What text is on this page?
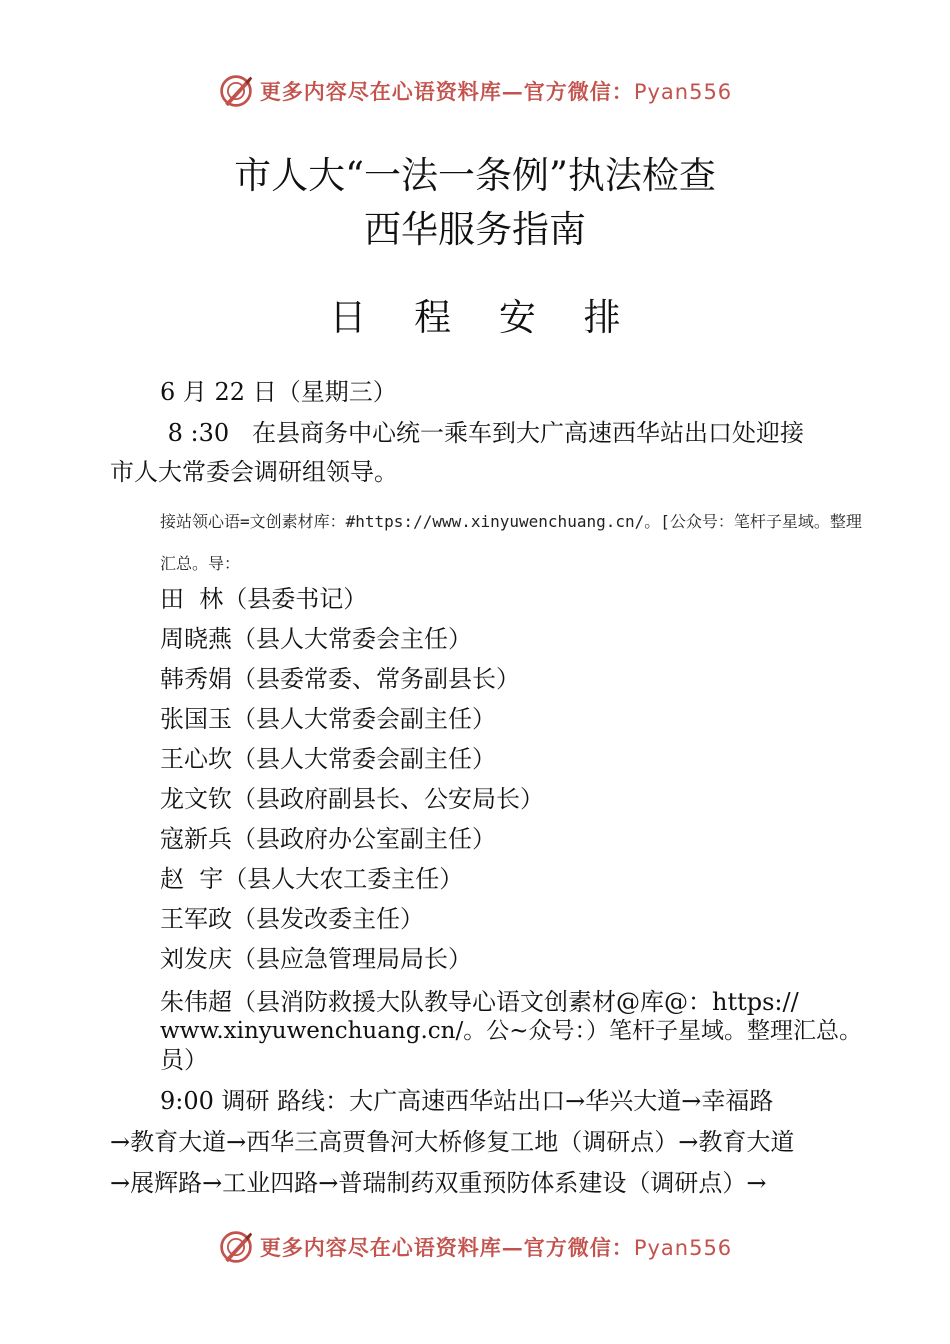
更多内容尽在心语资料库—官方微信：Pyan556
市人大“一法一条例”执法检查
西华服务指南
日 程 安 排
6 月 22 日（星期三）
8 :30   在县商务中心统一乘车到大广高速西华站出口处迎接
市人大常委会调研组领导。
接站领心语=文创素材库：#https://www.xinyuwenchuang.cn/。[公众号：笔杆子星域。整理
汇总。导：
田  林（县委书记）
周晓燕（县人大常委会主任）
韩秀娟（县委常委、常务副县长）
张国玉（县人大常委会副主任）
王心坎（县人大常委会副主任）
龙文钦（县政府副县长、公安局长）
寇新兵（县政府办公室副主任）
赵  宇（县人大农工委主任）
王军政（县发改委主任）
刘发庆（县应急管理局局长）
朱伟超（县消防救援大队教导心语文创素材@库@：https://
www.xinyuwenchuang.cn/。公~众号：）笔杆子星域。整理汇总。
员）
9:00 调研 路线：大广高速西华站出口→华兴大道→幸福路
→教育大道→西华三高贾鲁河大桥修复工地（调研点）→教育大道
→展辉路→工业四路→普瑞制药双重预防体系建设（调研点）→
更多内容尽在心语资料库—官方微信：Pyan556
